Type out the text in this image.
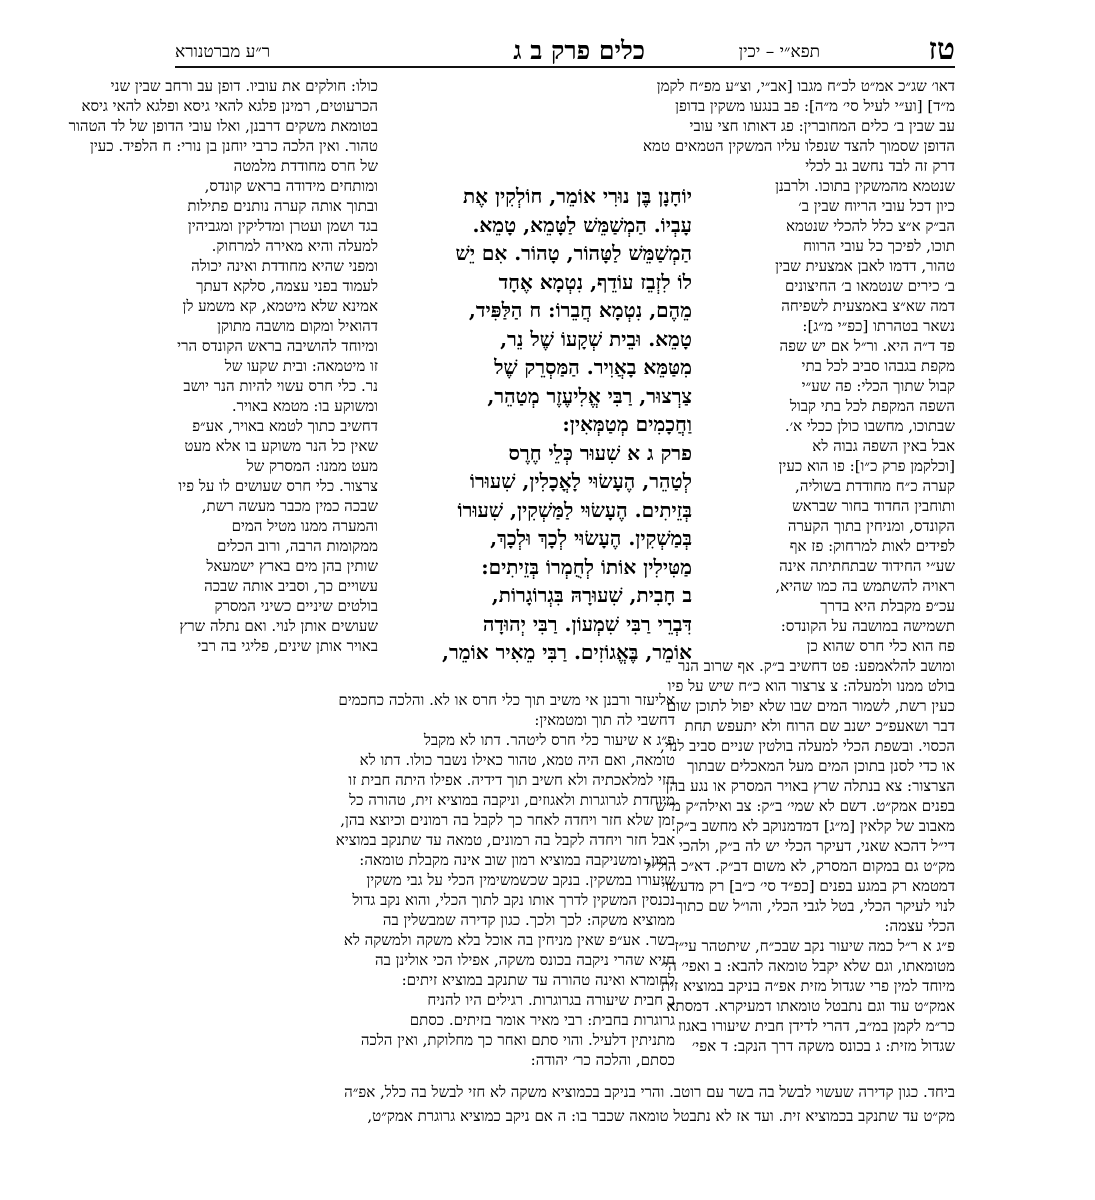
טז
תפא״י – יכין
כלים פרק ב ג
ר״ע מברטנורא
דאו׳ שג״כ אמ״ט לכ״ח מגבו [אב״י, וצ״ע מפ״ח לקמן
מ״ד] [וע״י לעיל סי׳ מ״ה]: פב בנגעו משקין בדופן
עב שבין ב׳ כלים המחוברין: פג דאותו חצי עובי
הדופן שסמוך להצד שנפלו עליו המשקין הטמאים טמא
דרק זה לבד נחשב גב לכלי
שנטמא מהמשקין בתוכו. ולרבנן
כיון דכל עובי הריוח שבין ב׳
הב״ק א״צ כלל להכלי שנטמא
תוכו, לפיכך כל עובי הרווח
טהור, דדמו לאבן אמצעית שבין
ב׳ כירים שנטמאו ב׳ החיצונים
דמה שא״צ באמצעית לשפיחה
נשאר בטהרתו [כפ״י מ״ג]:
פד ד״ה היא. ור״ל אם יש שפה
מקפת בגבהו סביב לכל בתי
קבול שתוך הכלי: פה שע״י
השפה המקפת לכל בתי קבול
שבתוכו, מחשבו כולן ככלי א׳.
אבל באין השפה גבוה לא
[וכלקמן פרק כ״ו]: פו הוא כעין
קערה כ״ח מחודדת בשוליה,
ותוחבין החדוד בחור שבראש
הקונדס, ומניחין בתוך הקערה
לפידים לאות למרחוק: פז אף
שע״י החידוד שבתחתיתה אינה
ראויה להשתמש בה כמו שהיא,
עכ״פ מקבלת היא בדרך
תשמישה במושבה על הקונדס:
פח הוא כלי חרס שהוא כן
ומושב להלאמפע: פט דחשיב ב״ק. אף שרוב הנר
בולט ממנו ולמעלה: צ צרצור הוא כ״ח שיש על פיו
כעין רשת, לשמור המים שבו שלא יפול לתוכן שום
דבר ושאעפ״כ ישנב שם הרוח ולא יתעפש תחת
הכסוי. ובשפת הכלי למעלה בולטין שניים סביב לנוי,
או כדי לסנן בתוכן המים מעל המאכלים שבתוך
הצרצור: צא בנתלה שרץ באויר המסרק או נגע בהן
בפנים אמק״ט. דשם לא שמי׳ ב״ק: צב ואילה״ק מ״ש
מאבוב של קלאין [מ״ג] דמדמנוקב לא מחשב ב״ק.
די״ל דהכא שאני, דעיקר הכלי יש לה ב״ק, ולהכי
מק״ט גם במקום המסרק, לא משום דב״ק. דא״כ הול״ל
דמטמא רק במגע בפנים [כפ״ד סי׳ כ״ב] רק מדעשוי
לנוי לעיקר הכלי, בטל לגבי הכלי, והו״ל שם כתוך
הכלי עצמה:
פ״ג א ר״ל כמה שיעור נקב שבכ״ח, שיתטהר עי״ז
מטומאתו, וגם שלא יקבל טומאה להבא: ב ואפי׳ הי׳
מיוחד למין פרי שגדול מזית אפ״ה בניקב במוציא זית
אמק״ט עוד וגם נתבטל טומאתו דמעיקרא. דמסתא
כר״מ לקמן במ״ב, דהרי לדידן חבית שיעורו באגוז
שגדול מזית: ג בכונס משקה דרך הנקב: ד אפי׳
כולו: חולקים את עוביו. דופן עב ורחב שבין שני
הכרעוטים, רמינן פלגא להאי גיסא ופלגא להאי גיסא
בטומאת משקים דרבנן, ואלו עובי הדופן של לד הטהור
טהור. ואין הלכה כרבי יוחנן בן נורי: ח הלפיד. כעין
של חרס מחודדת מלמטה
ומותחים מידודה בראש קונדס,
ובתוך אותה קערה נותנים פתילות
בגד ושמן ועטרן ומדליקין ומגביהין
למעלה והיא מאירה למרחוק.
ומפני שהיא מחודדת ואינה יכולה
לעמוד בפני עצמה, סלקא דעתך
אמינא שלא מיטמא, קא משמע לן
דהואיל ומקום מושבה מתוקן
ומיוחד להושיבה בראש הקונדס הרי
זו מיטמאה: ובית שקעו של
נר. כלי חרס עשוי להיות הנר יושב
ומשוקע בו: מטמא באויר.
דחשיב כתוך לטמא באויר, אע״פ
שאין כל הנר משוקע בו אלא מעט
מעט ממנו: המסרק של
צרצור. כלי חרס שעושים לו על פיו
שבכה כמין מכבר מעשה רשת,
והמערה ממנו מטיל המים
ממקומות הרבה, ורוב הכלים
שותין בהן מים בארץ ישמעאל
עשויים כך, וסביב אותה שבכה
בולטים שיניים כשיני המסרק
שעושים אותן לנוי. ואם נתלה שרץ
באויר אותן שינים, פליגי בה רבי
יוֹחָנָן בֶּן נוּרִי אוֹמֵר, חוֹלְקִין אֶת
עָבְיוֹ. הַמְשַׁמֵּשׁ לַטָּמֵא, טָמֵא.
הַמְשַׁמֵּשׁ לַטָּהוֹר, טָהוֹר. אִם יֵשׁ
לוֹ לִזְבֵז עוֹדֵף, נִטְמָא אֶחָד
מֵהֶם, נִטְמָא חֲבֵרוֹ: ח הַלַּפִּיד,
טָמֵא. וּבֵית שְׁקָעוֹ שֶׁל נֵר,
מִטַּמֵּא בָאֲוִיר. הַמַּסְרֵק שֶׁל
צַרְצוּר, רַבִּי אֱלִיעֶזֶר מְטַהֵר,
וַחֲכָמִים מְטַמְּאִין:
פרק ג א שִׁעוּר כְּלֵי חֶרֶס
לְטַהֵר, הֶעָשׂוּי לָאֳכָלִין, שִׁעוּרוֹ
בְּזֵיתִים. הֶעָשׂוּי לַמַּשְׁקִין, שִׁעוּרוֹ
בְּמַשְׁקִין. הֶעָשׂוּי לְכָךְ וּלְכָךְ,
מַטִּילִין אוֹתוֹ לְחֻמְרוֹ בְּזֵיתִים:
ב חָבִית, שִׁעוּרָהּ בִּגְרוֹגָרוֹת,
דִּבְרֵי רַבִּי שִׁמְעוֹן. רַבִּי יְהוּדָה
אוֹמֵר, בֶּאֱגוֹזִים. רַבִּי מֵאִיר אוֹמֵר,
אליעזר ורבנן אי משיב תוך כלי חרס או לא. והלכה כחכמים
דחשבי לה תוך ומטמאין:
פ״ג א שיעור כלי חרס ליטהר. דתו לא מקבל
טומאה, ואם היה טמא, טהור כאילו נשבר כולו. דתו לא
חזי למלאכתיה ולא חשיב תוך דידיה. אפילו היתה חבית זו
מיוחדת לגרוגרות ולאגוזים, וניקבה במוציא זית, טהורה כל
זמן שלא חזר ויחדה לאחר כך לקבל בה רמונים וכיוצא בהן,
אבל חזר ויחדה לקבל בה רמונים, טמאה עד שתנקב במוציא
רמון, ומשניקבה במוציא רמון שוב אינה מקבלת טומאה:
שיעורו במשקין. בנקב שכשמשימין הכלי על גבי משקין
נכנסין המשקין לדרך אותו נקב לתוך הכלי, והוא נקב גדול
ממוציא משקה: לכך ולכך. כגון קדירה שמבשלין בה
בשר. אע״פ שאין מניחין בה אוכל בלא משקה ולמשקה לא
חזיא שהרי ניקבה בכונס משקה, אפילו הכי אולינן בה
לחומרא ואינה טהורה עד שתנקב במוציא זיתים:
ב חבית שיעורה בגרוגרות. רגילים היו להניח
גרוגרות בחבית: רבי מאיר אומר בזיתים. כסתם
מתניתין דלעיל. והוי סתם ואחר כך מחלוקת, ואין הלכה
כסתם, והלכה כר׳ יהודה:
ביחד. כגון קדירה שעשוי לבשל בה בשר עם רוטב. והרי בניקב בכמוציא משקה לא חזי לבשל בה כלל, אפ״ה
מק״ט עד שתנקב בכמוציא זית. ועד אז לא נתבטל טומאה שכבר בו: ה אם ניקב כמוציא גרוגרת אמק״ט,
